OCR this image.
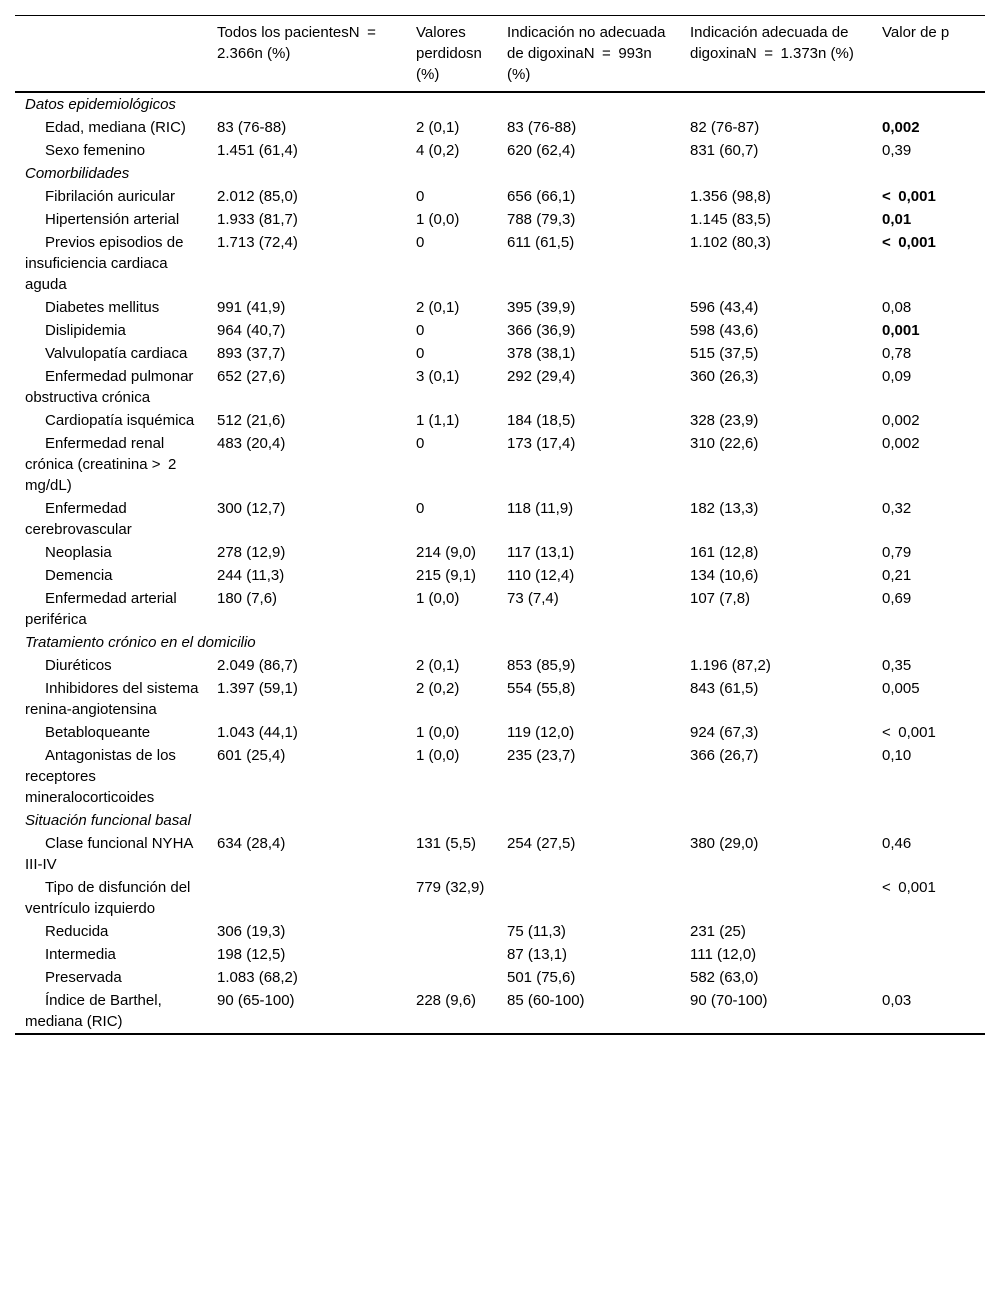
	Todos los pacientesN = 2.366n (%)	Valores perdidosn (%)	Indicación no adecuada de digoxinaN = 993n (%)	Indicación adecuada de digoxinaN = 1.373n (%)	Valor de p
Datos epidemiológicos					
Edad, mediana (RIC)	83 (76-88)	2 (0,1)	83 (76-88)	82 (76-87)	0,002
Sexo femenino	1.451 (61,4)	4 (0,2)	620 (62,4)	831 (60,7)	0,39
Comorbilidades					
Fibrilación auricular	2.012 (85,0)	0	656 (66,1)	1.356 (98,8)	< 0,001
Hipertensión arterial	1.933 (81,7)	1 (0,0)	788 (79,3)	1.145 (83,5)	0,01
Previos episodios de insuficiencia cardiaca aguda	1.713 (72,4)	0	611 (61,5)	1.102 (80,3)	< 0,001
Diabetes mellitus	991 (41,9)	2 (0,1)	395 (39,9)	596 (43,4)	0,08
Dislipidemia	964 (40,7)	0	366 (36,9)	598 (43,6)	0,001
Valvulopatía cardiaca	893 (37,7)	0	378 (38,1)	515 (37,5)	0,78
Enfermedad pulmonar obstructiva crónica	652 (27,6)	3 (0,1)	292 (29,4)	360 (26,3)	0,09
Cardiopatía isquémica	512 (21,6)	1 (1,1)	184 (18,5)	328 (23,9)	0,002
Enfermedad renal crónica (creatinina > 2 mg/dL)	483 (20,4)	0	173 (17,4)	310 (22,6)	0,002
Enfermedad cerebrovascular	300 (12,7)	0	118 (11,9)	182 (13,3)	0,32
Neoplasia	278 (12,9)	214 (9,0)	117 (13,1)	161 (12,8)	0,79
Demencia	244 (11,3)	215 (9,1)	110 (12,4)	134 (10,6)	0,21
Enfermedad arterial periférica	180 (7,6)	1 (0,0)	73 (7,4)	107 (7,8)	0,69
Tratamiento crónico en el domicilio					
Diuréticos	2.049 (86,7)	2 (0,1)	853 (85,9)	1.196 (87,2)	0,35
Inhibidores del sistema renina-angiotensina	1.397 (59,1)	2 (0,2)	554 (55,8)	843 (61,5)	0,005
Betabloqueante	1.043 (44,1)	1 (0,0)	119 (12,0)	924 (67,3)	< 0,001
Antagonistas de los receptores mineralocorticoides	601 (25,4)	1 (0,0)	235 (23,7)	366 (26,7)	0,10
Situación funcional basal					
Clase funcional NYHA III-IV	634 (28,4)	131 (5,5)	254 (27,5)	380 (29,0)	0,46
Tipo de disfunción del ventrículo izquierdo		779 (32,9)			< 0,001
Reducida	306 (19,3)		75 (11,3)	231 (25)	
Intermedia	198 (12,5)		87 (13,1)	111 (12,0)	
Preservada	1.083 (68,2)		501 (75,6)	582 (63,0)	
Índice de Barthel, mediana (RIC)	90 (65-100)	228 (9,6)	85 (60-100)	90 (70-100)	0,03
